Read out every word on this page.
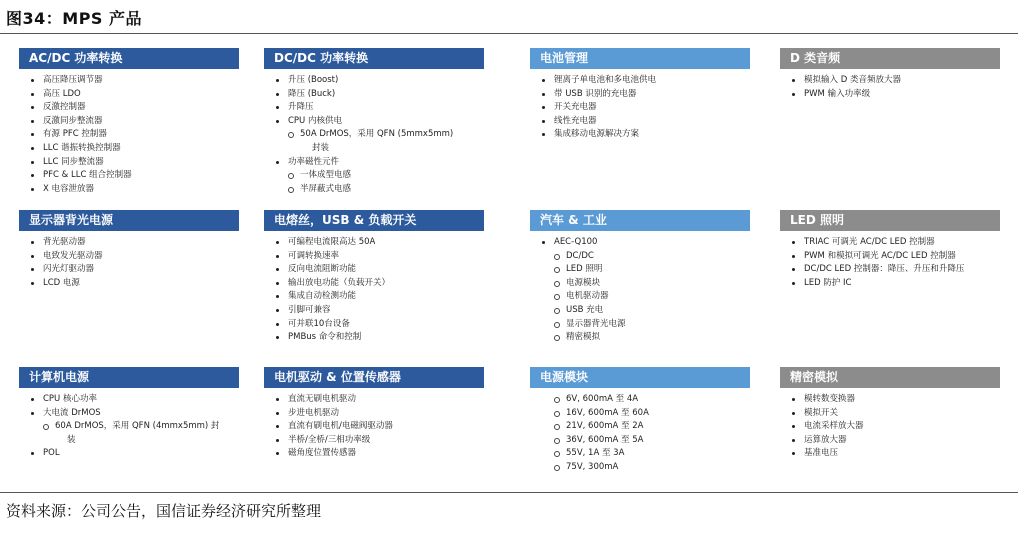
图34：MPS 产品
AC/DC 功率转换
高压降压调节器
高压 LDO
反激控制器
反激同步整流器
有源 PFC 控制器
LLC 谐振转换控制器
LLC 同步整流器
PFC & LLC 组合控制器
X 电容泄放器
DC/DC 功率转换
升压 (Boost)
降压 (Buck)
升降压
CPU 内核供电
50A DrMOS，采用 QFN (5mmx5mm)
封装
功率磁性元件
一体成型电感
半屏蔽式电感
电池管理
锂离子单电池和多电池供电
带 USB 识别的充电器
开关充电器
线性充电器
集成移动电源解决方案
D 类音频
模拟输入 D 类音频放大器
PWM 输入功率级
显示器背光电源
背光驱动器
电致发光驱动器
闪光灯驱动器
LCD 电源
电熔丝，USB & 负载开关
可编程电流限高达 50A
可调转换速率
反向电流阻断功能
输出放电功能（负载开关）
集成自动检测功能
引脚可兼容
可并联10台设备
PMBus 命令和控制
汽车 & 工业
AEC-Q100
DC/DC
LED 照明
电源模块
电机驱动器
USB 充电
显示器背光电源
精密模拟
LED 照明
TRIAC 可调光 AC/DC LED 控制器
PWM 和模拟可调光 AC/DC LED 控制器
DC/DC LED 控制器：降压、升压和升降压
LED 防护 IC
计算机电源
CPU 核心功率
大电流 DrMOS
60A DrMOS，采用 QFN (4mmx5mm) 封
装
POL
电机驱动 & 位置传感器
直流无刷电机驱动
步进电机驱动
直流有刷电机/电磁阀驱动器
半桥/全桥/三相功率级
磁角度位置传感器
电源模块
6V, 600mA 至 4A
16V, 600mA 至 60A
21V, 600mA 至 2A
36V, 600mA 至 5A
55V, 1A 至 3A
75V, 300mA
精密模拟
模转数变换器
模拟开关
电流采样放大器
运算放大器
基准电压
资料来源：公司公告，国信证券经济研究所整理
